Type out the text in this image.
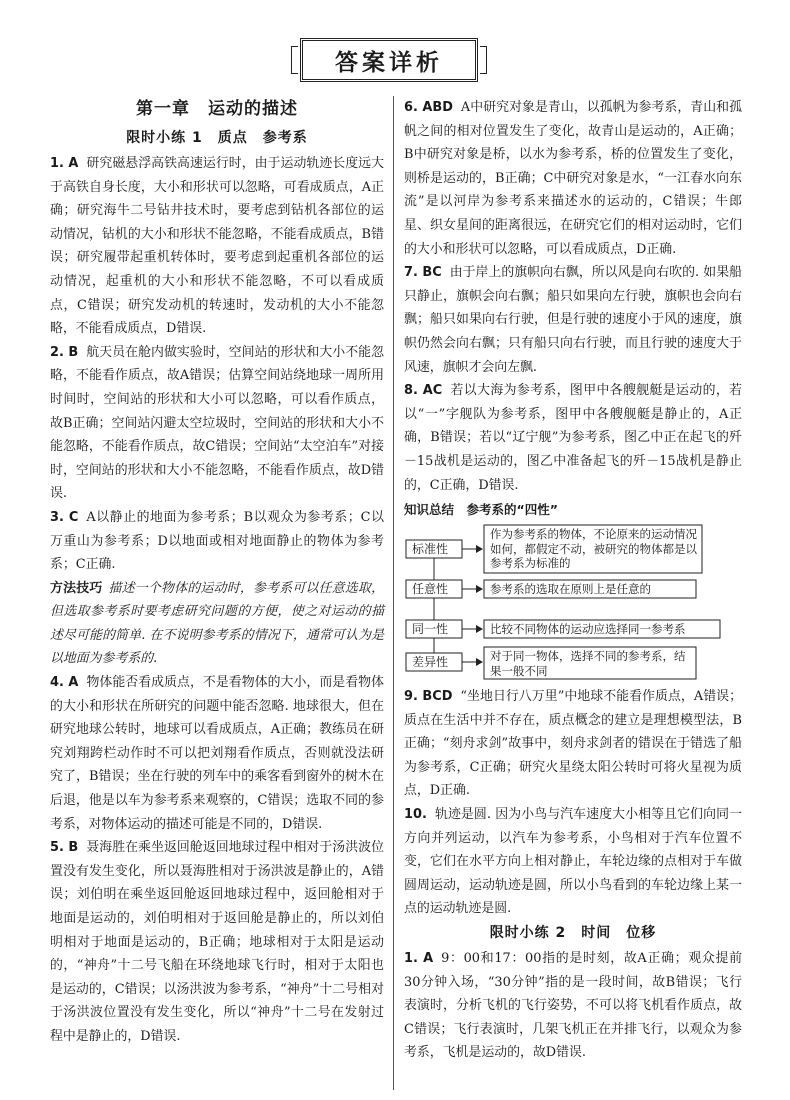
答案详析
第一章　运动的描述
限时小练 1　质点　参考系

1. A 研究磁悬浮高铁高速运行时，由于运动轨迹长度远大于高铁自身长度，大小和形状可以忽略，可看成质点，A正确；研究海牛二号钻井技术时，要考虑到钻机各部位的运动情况，钻机的大小和形状不能忽略，不能看成质点，B错误；研究履带起重机转体时，要考虑到起重机各部位的运动情况，起重机的大小和形状不能忽略，不可以看成质点，C错误；研究发动机的转速时，发动机的大小不能忽略，不能看成质点，D错误.

2. B 航天员在舱内做实验时，空间站的形状和大小不能忽略，不能看作质点，故A错误；估算空间站绕地球一周所用时间时，空间站的形状和大小可以忽略，可以看作质点，故B正确；空间站闪避太空垃圾时，空间站的形状和大小不能忽略，不能看作质点，故C错误；空间站“太空泊车”对接时，空间站的形状和大小不能忽略，不能看作质点，故D错误.

3. C A以静止的地面为参考系；B以观众为参考系；C以万重山为参考系；D以地面或相对地面静止的物体为参考系；C正确.

方法技巧 描述一个物体的运动时，参考系可以任意选取，但选取参考系时要考虑研究问题的方便，使之对运动的描述尽可能的简单. 在不说明参考系的情况下，通常可认为是以地面为参考系的.

4. A 物体能否看成质点，不是看物体的大小，而是看物体的大小和形状在所研究的问题中能否忽略. 地球很大，但在研究地球公转时，地球可以看成质点，A正确；教练员在研究刘翔跨栏动作时不可以把刘翔看作质点，否则就没法研究了，B错误；坐在行驶的列车中的乘客看到窗外的树木在后退，他是以车为参考系来观察的，C错误；选取不同的参考系，对物体运动的描述可能是不同的，D错误.

5. B 聂海胜在乘坐返回舱返回地球过程中相对于汤洪波位置没有发生变化，所以聂海胜相对于汤洪波是静止的，A错误；刘伯明在乘坐返回舱返回地球过程中，返回舱相对于地面是运动的，刘伯明相对于返回舱是静止的，所以刘伯明相对于地面是运动的，B正确；地球相对于太阳是运动的，“神舟”十二号飞船在环绕地球飞行时，相对于太阳也是运动的，C错误；以汤洪波为参考系，“神舟”十二号相对于汤洪波位置没有发生变化，所以“神舟”十二号在发射过程中是静止的，D错误.

6. ABD A中研究对象是青山，以孤帆为参考系，青山和孤帆之间的相对位置发生了变化，故青山是运动的，A正确；B中研究对象是桥，以水为参考系，桥的位置发生了变化，则桥是运动的，B正确；C中研究对象是水，“一江春水向东流”是以河岸为参考系来描述水的运动的，C错误；牛郎星、织女星间的距离很远，在研究它们的相对运动时，它们的大小和形状可以忽略，可以看成质点，D正确.

7. BC 由于岸上的旗帜向右飘，所以风是向右吹的. 如果船只静止，旗帜会向右飘；船只如果向左行驶，旗帜也会向右飘；船只如果向右行驶，但是行驶的速度小于风的速度，旗帜仍然会向右飘；只有船只向右行驶，而且行驶的速度大于风速，旗帜才会向左飘.

8. AC 若以大海为参考系，图甲中各艘舰艇是运动的，若以“一”字舰队为参考系，图甲中各艘舰艇是静止的，A正确，B错误；若以“辽宁舰”为参考系，图乙中正在起飞的歼－15战机是运动的，图乙中准备起飞的歼－15战机是静止的，C正确，D错误.

知识总结　参考系的“四性”
标准性
任意性
同一性
差异性
作为参考系的物体，不论原来的运动情况如何，都假定不动，被研究的物体都是以参考系为标准的
参考系的选取在原则上是任意的
比较不同物体的运动应选择同一参考系
对于同一物体，选择不同的参考系，结果一般不同

9. BCD “坐地日行八万里”中地球不能看作质点，A错误；质点在生活中并不存在，质点概念的建立是理想模型法，B正确；“刻舟求剑”故事中，刻舟求剑者的错误在于错选了船为参考系，C正确；研究火星绕太阳公转时可将火星视为质点，D正确.

10. 轨迹是圆. 因为小鸟与汽车速度大小相等且它们向同一方向并列运动，以汽车为参考系，小鸟相对于汽车位置不变，它们在水平方向上相对静止，车轮边缘的点相对于车做圆周运动，运动轨迹是圆，所以小鸟看到的车轮边缘上某一点的运动轨迹是圆.

限时小练 2　时间　位移

1. A 9：00和17：00指的是时刻，故A正确；观众提前30分钟入场，“30分钟”指的是一段时间，故B错误；飞行表演时，分析飞机的飞行姿势，不可以将飞机看作质点，故C错误；飞行表演时，几架飞机正在并排飞行，以观众为参考系，飞机是运动的，故D错误.
